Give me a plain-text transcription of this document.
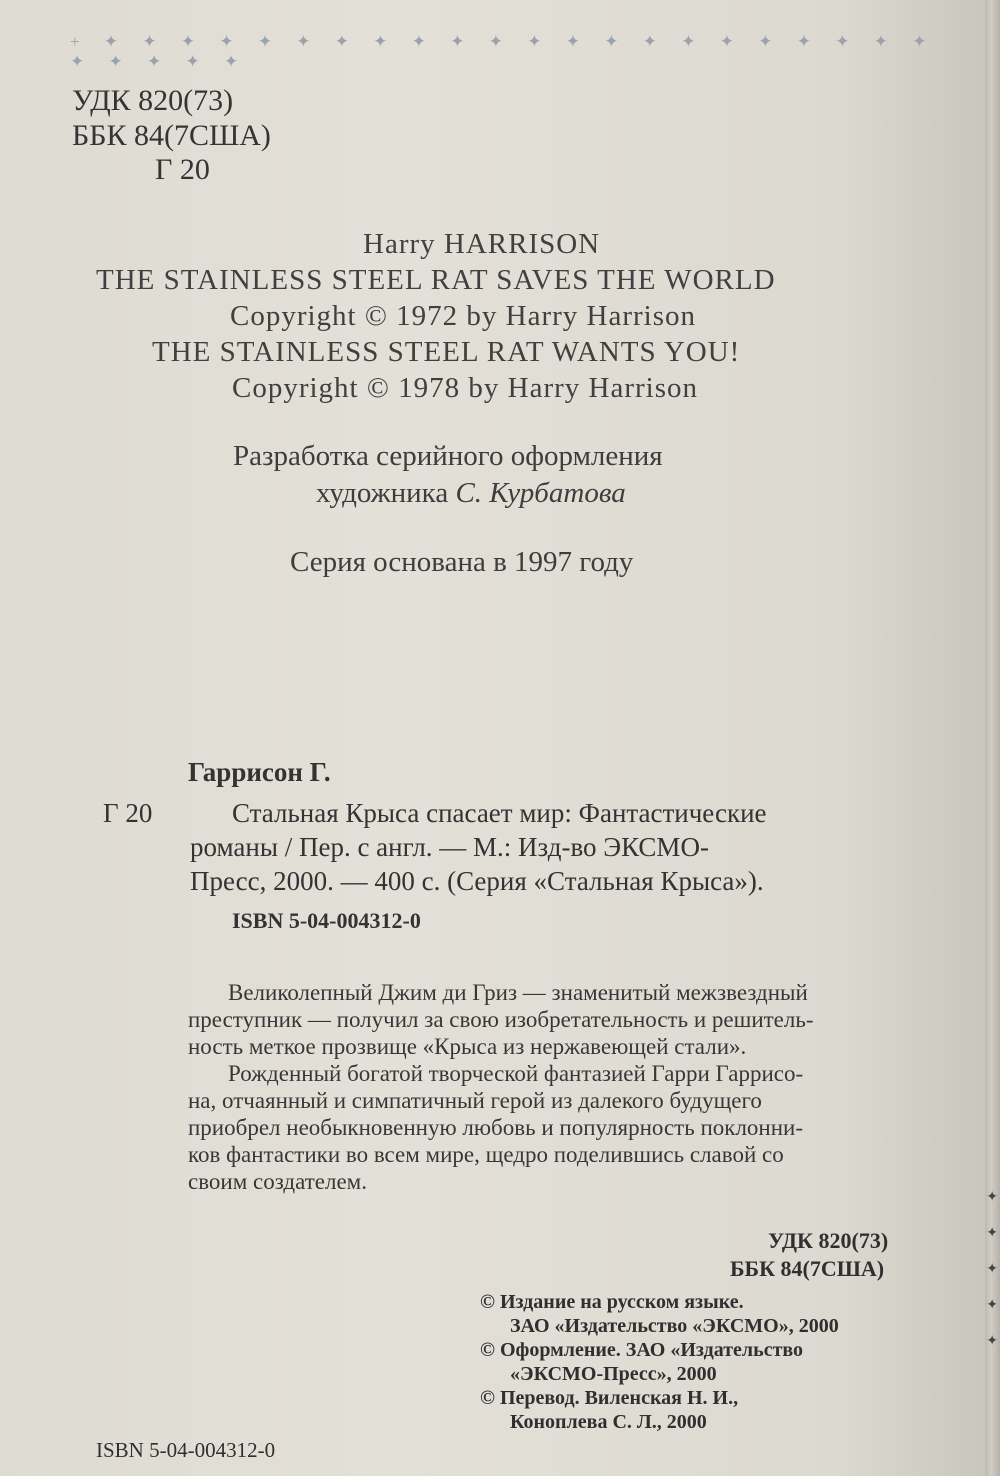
+ ✦ ✦ ✦ ✦ ✦ ✦ ✦ ✦ ✦ ✦ ✦ ✦ ✦ ✦ ✦ ✦ ✦ ✦ ✦ ✦ ✦ ✦ ✦ ✦ ✦ ✦ ✦
УДК 820(73)
ББК 84(7США)
Г 20
Harry HARRISON
THE STAINLESS STEEL RAT SAVES THE WORLD
Copyright © 1972 by Harry Harrison
THE STAINLESS STEEL RAT WANTS YOU!
Copyright © 1978 by Harry Harrison
Разработка серийного оформления
художника С. Курбатова
Серия основана в 1997 году
Гаррисон Г.
Г 20	Стальная Крыса спасает мир: Фантастические
романы / Пер. с англ. — М.: Изд-во ЭКСМО-
Пресс, 2000. — 400 с. (Серия «Стальная Крыса»).
ISBN 5-04-004312-0
Великолепный Джим ди Гриз — знаменитый межзвездный
преступник — получил за свою изобретательность и решитель-
ность меткое прозвище «Крыса из нержавеющей стали».
Рожденный богатой творческой фантазией Гарри Гаррисо-
на, отчаянный и симпатичный герой из далекого будущего
приобрел необыкновенную любовь и популярность поклонни-
ков фантастики во всем мире, щедро поделившись славой со
своим создателем.
УДК 820(73)
ББК 84(7США)
© Издание на русском языке.
ЗАО «Издательство «ЭКСМО», 2000
© Оформление. ЗАО «Издательство
«ЭКСМО-Пресс», 2000
© Перевод. Виленская Н. И.,
Коноплева С. Л., 2000
ISBN 5-04-004312-0
✦
✦
✦
✦
✦
